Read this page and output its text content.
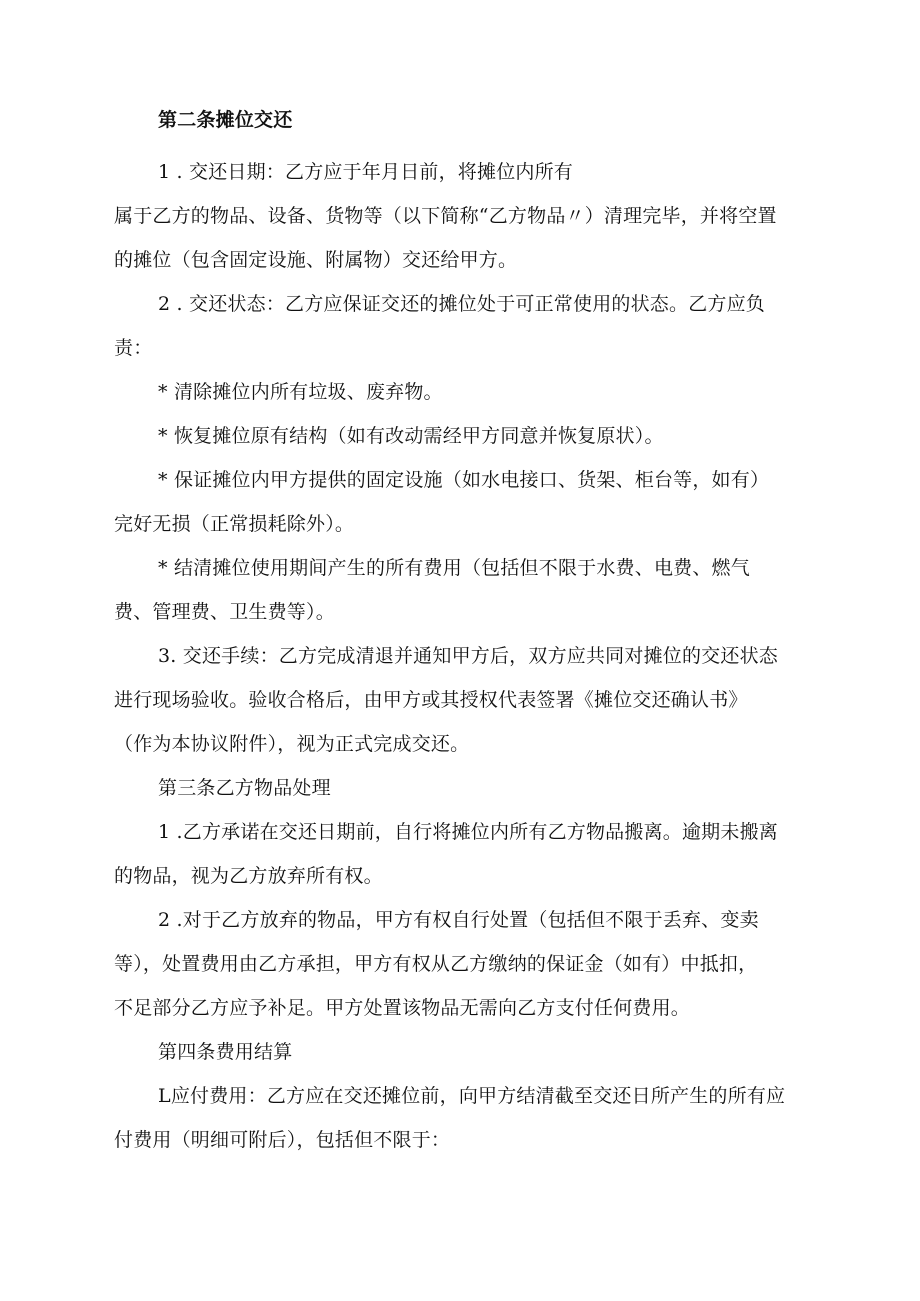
第二条摊位交还
1 . 交还日期：乙方应于年月日前，将摊位内所有
属于乙方的物品、设备、货物等（以下简称“乙方物品〃）清理完毕，并将空置
的摊位（包含固定设施、附属物）交还给甲方。
2 . 交还状态：乙方应保证交还的摊位处于可正常使用的状态。乙方应负
责：
* 清除摊位内所有垃圾、废弃物。
* 恢复摊位原有结构（如有改动需经甲方同意并恢复原状）。
* 保证摊位内甲方提供的固定设施（如水电接口、货架、柜台等，如有）
完好无损（正常损耗除外）。
* 结清摊位使用期间产生的所有费用（包括但不限于水费、电费、燃气
费、管理费、卫生费等）。
3. 交还手续：乙方完成清退并通知甲方后，双方应共同对摊位的交还状态
进行现场验收。验收合格后，由甲方或其授权代表签署《摊位交还确认书》
（作为本协议附件），视为正式完成交还。
第三条乙方物品处理
1 .乙方承诺在交还日期前，自行将摊位内所有乙方物品搬离。逾期未搬离
的物品，视为乙方放弃所有权。
2 .对于乙方放弃的物品，甲方有权自行处置（包括但不限于丢弃、变卖
等），处置费用由乙方承担，甲方有权从乙方缴纳的保证金（如有）中抵扣，
不足部分乙方应予补足。甲方处置该物品无需向乙方支付任何费用。
第四条费用结算
L应付费用：乙方应在交还摊位前，向甲方结清截至交还日所产生的所有应
付费用（明细可附后），包括但不限于：
